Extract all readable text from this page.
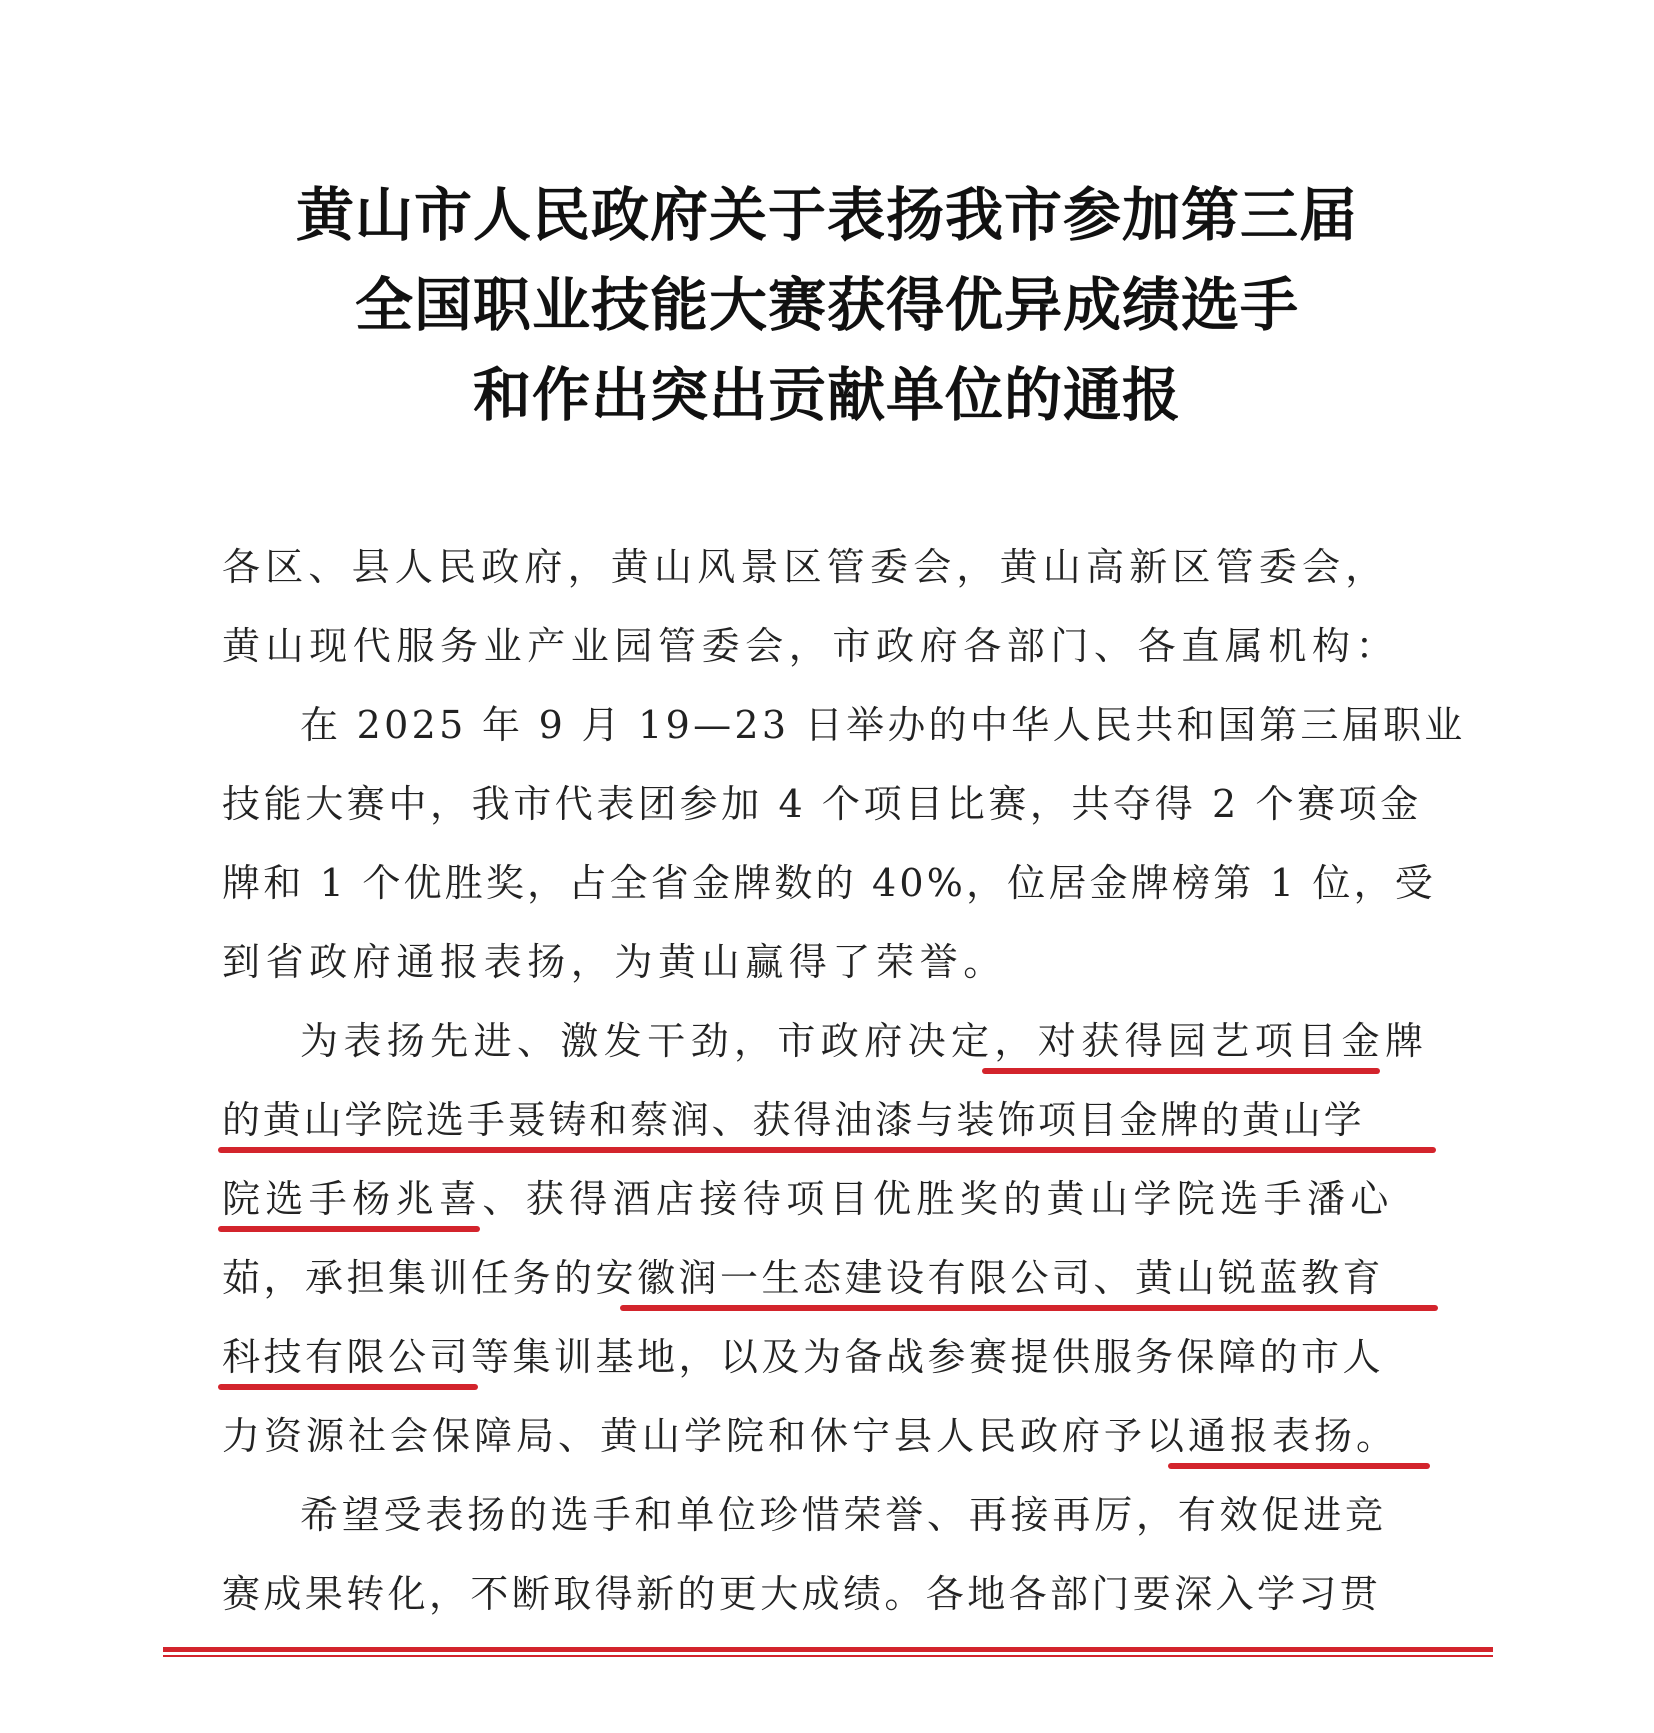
黄山市人民政府关于表扬我市参加第三届
全国职业技能大赛获得优异成绩选手
和作出突出贡献单位的通报
各区、县人民政府，黄山风景区管委会，黄山高新区管委会，
黄山现代服务业产业园管委会，市政府各部门、各直属机构：
在 2025 年 9 月 19—23 日举办的中华人民共和国第三届职业
技能大赛中，我市代表团参加 4 个项目比赛，共夺得 2 个赛项金
牌和 1 个优胜奖，占全省金牌数的 40%，位居金牌榜第 1 位，受
到省政府通报表扬，为黄山赢得了荣誉。
为表扬先进、激发干劲，市政府决定，对获得园艺项目金牌
的黄山学院选手聂铸和蔡润、获得油漆与装饰项目金牌的黄山学
院选手杨兆喜、获得酒店接待项目优胜奖的黄山学院选手潘心
茹，承担集训任务的安徽润一生态建设有限公司、黄山锐蓝教育
科技有限公司等集训基地，以及为备战参赛提供服务保障的市人
力资源社会保障局、黄山学院和休宁县人民政府予以通报表扬。
希望受表扬的选手和单位珍惜荣誉、再接再厉，有效促进竞
赛成果转化，不断取得新的更大成绩。各地各部门要深入学习贯
